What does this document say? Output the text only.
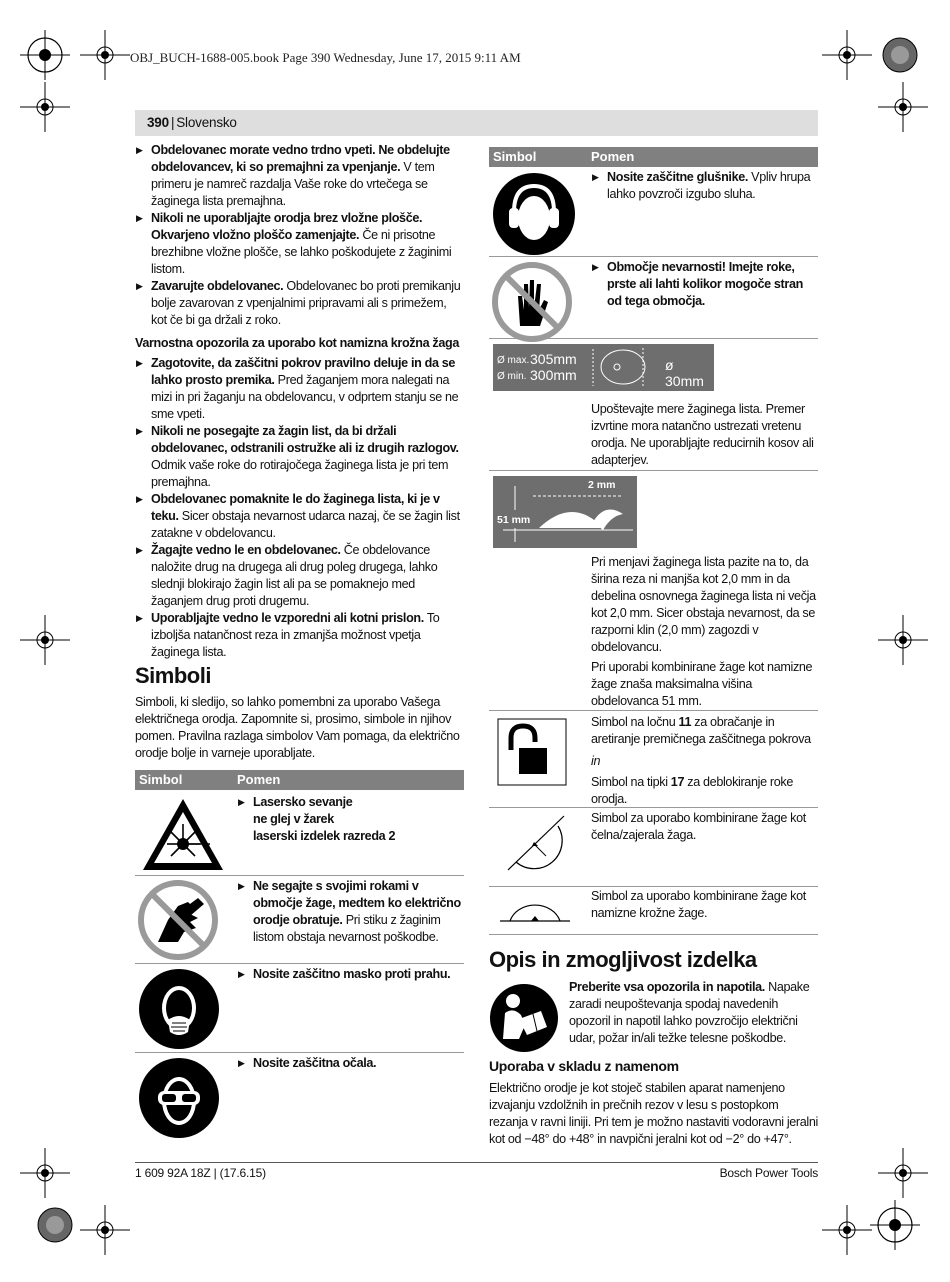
OBJ_BUCH-1688-005.book Page 390 Wednesday, June 17, 2015 9:11 AM
390 | Slovensko

▶ Obdelovanec morate vedno trdno vpeti. Ne obdelujte obdelovancev, ki so premajhni za vpenjanje. V tem primeru je namreč razdalja Vaše roke do vrtečega se žaginega lista premajhna.

▶ Nikoli ne uporabljajte orodja brez vložne plošče. Okvarjeno vložno ploščo zamenjajte. Če ni prisotne brezhibne vložne plošče, se lahko poškodujete z žaginimi listom.

▶ Zavarujte obdelovanec. Obdelovanec bo proti premikanju bolje zavarovan z vpenjalnimi pripravami ali s primežem, kot če bi ga držali z roko.

Varnostna opozorila za uporabo kot namizna krožna žaga

▶ Zagotovite, da zaščitni pokrov pravilno deluje in da se lahko prosto premika. Pred žaganjem mora nalegati na mizi in pri žaganju na obdelovancu, v odprtem stanju se ne sme vpeti.

▶ Nikoli ne posegajte za žagin list, da bi držali obdelovanec, odstranili ostružke ali iz drugih razlogov. Odmik vaše roke do rotirajočega žaginega lista je pri tem premajhna.

▶ Obdelovanec pomaknite le do žaginega lista, ki je v teku. Sicer obstaja nevarnost udarca nazaj, če se žagin list zatakne v obdelovancu.

▶ Žagajte vedno le en obdelovanec. Če obdelovance naložite drug na drugega ali drug poleg drugega, lahko slednji blokirajo žagin list ali pa se pomaknejo med žaganjem drug proti drugemu.

▶ Uporabljajte vedno le vzporedni ali kotni prislon. To izboljša natančnost reza in zmanjša možnost vpetja žaginega lista.

Simboli
Simboli, ki sledijo, so lahko pomembni za uporabo Vašega električnega orodja. Zapomnite si, prosimo, simbole in njihov pomen. Pravilna razlaga simbolov Vam pomaga, da električno orodje bolje in varneje uporabljate.
Simbol	Pomen
▶ Lasersko sevanje
ne glej v žarek
laserski izdelek razreda 2
▶ Ne segajte s svojimi rokami v območje žage, medtem ko električno orodje obratuje. Pri stiku z žaginim listom obstaja nevarnost poškodbe.
▶ Nosite zaščitno masko proti prahu.
▶ Nosite zaščitna očala.
Simbol	Pomen
▶ Nosite zaščitne glušnike. Vpliv hrupa lahko povzroči izgubo sluha.
▶ Območje nevarnosti! Imejte roke, prste ali lahti kolikor mogoče stran od tega območja.
Ø max. 305mm
Ø min. 300mm
ø 30mm
Upoštevajte mere žaginega lista. Premer izvrtine mora natančno ustrezati vretenu orodja. Ne uporabljajte reducirnih kosov ali adapterjev.
2 mm
51 mm

Pri menjavi žaginega lista pazite na to, da širina reza ni manjša kot 2,0 mm in da debelina osnovnega žaginega lista ni večja kot 2,0 mm. Sicer obstaja nevarnost, da se razporni klin (2,0 mm) zagozdi v obdelovancu.

Pri uporabi kombinirane žage kot namizne žage znaša maksimalna višina obdelovanca 51 mm.

Simbol na ločnu 11 za obračanje in aretiranje premičnega zaščitnega pokrova

in

Simbol na tipki 17 za deblokiranje roke orodja.

Simbol za uporabo kombinirane žage kot čelna/zajerala žaga.
Simbol za uporabo kombinirane žage kot namizne krožne žage.
Opis in zmogljivost izdelka
Preberite vsa opozorila in napotila. Napake zaradi neupoštevanja spodaj navedenih opozoril in napotil lahko povzročijo električni udar, požar in/ali težke telesne poškodbe.
Uporaba v skladu z namenom
Električno orodje je kot stoječ stabilen aparat namenjeno izvajanju vzdolžnih in prečnih rezov v lesu s postopkom rezanja v ravni liniji. Pri tem je možno nastaviti vodoravni jeralni kot od −48° do +48° in navpični jeralni kot od −2° do +47°.
1 609 92A 18Z | (17.6.15)	Bosch Power Tools
